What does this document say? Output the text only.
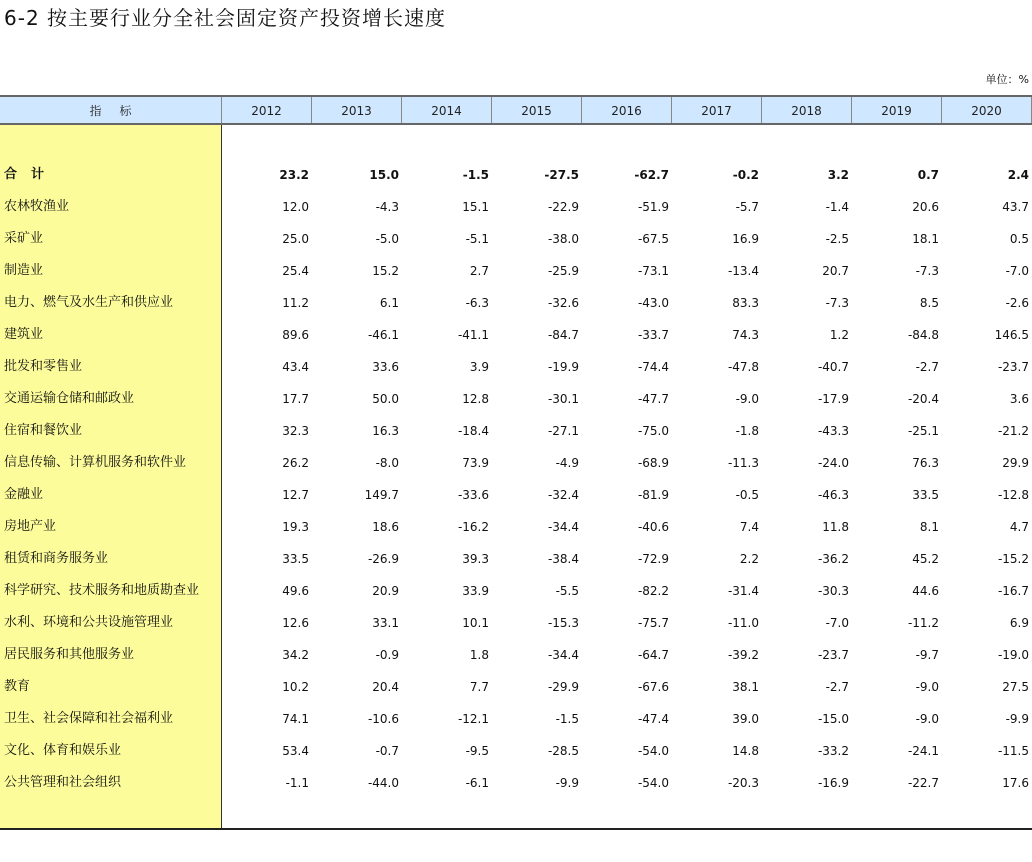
6-2 按主要行业分全社会固定资产投资增长速度
单位：%
指标	2012	2013	2014	2015	2016	2017	2018	2019	2020
合计	23.2	15.0	-1.5	-27.5	-62.7	-0.2	3.2	0.7	2.4
农林牧渔业	12.0	-4.3	15.1	-22.9	-51.9	-5.7	-1.4	20.6	43.7
采矿业	25.0	-5.0	-5.1	-38.0	-67.5	16.9	-2.5	18.1	0.5
制造业	25.4	15.2	2.7	-25.9	-73.1	-13.4	20.7	-7.3	-7.0
电力、燃气及水生产和供应业	11.2	6.1	-6.3	-32.6	-43.0	83.3	-7.3	8.5	-2.6
建筑业	89.6	-46.1	-41.1	-84.7	-33.7	74.3	1.2	-84.8	146.5
批发和零售业	43.4	33.6	3.9	-19.9	-74.4	-47.8	-40.7	-2.7	-23.7
交通运输仓储和邮政业	17.7	50.0	12.8	-30.1	-47.7	-9.0	-17.9	-20.4	3.6
住宿和餐饮业	32.3	16.3	-18.4	-27.1	-75.0	-1.8	-43.3	-25.1	-21.2
信息传输、计算机服务和软件业	26.2	-8.0	73.9	-4.9	-68.9	-11.3	-24.0	76.3	29.9
金融业	12.7	149.7	-33.6	-32.4	-81.9	-0.5	-46.3	33.5	-12.8
房地产业	19.3	18.6	-16.2	-34.4	-40.6	7.4	11.8	8.1	4.7
租赁和商务服务业	33.5	-26.9	39.3	-38.4	-72.9	2.2	-36.2	45.2	-15.2
科学研究、技术服务和地质勘查业	49.6	20.9	33.9	-5.5	-82.2	-31.4	-30.3	44.6	-16.7
水利、环境和公共设施管理业	12.6	33.1	10.1	-15.3	-75.7	-11.0	-7.0	-11.2	6.9
居民服务和其他服务业	34.2	-0.9	1.8	-34.4	-64.7	-39.2	-23.7	-9.7	-19.0
教育	10.2	20.4	7.7	-29.9	-67.6	38.1	-2.7	-9.0	27.5
卫生、社会保障和社会福利业	74.1	-10.6	-12.1	-1.5	-47.4	39.0	-15.0	-9.0	-9.9
文化、体育和娱乐业	53.4	-0.7	-9.5	-28.5	-54.0	14.8	-33.2	-24.1	-11.5
公共管理和社会组织	-1.1	-44.0	-6.1	-9.9	-54.0	-20.3	-16.9	-22.7	17.6
